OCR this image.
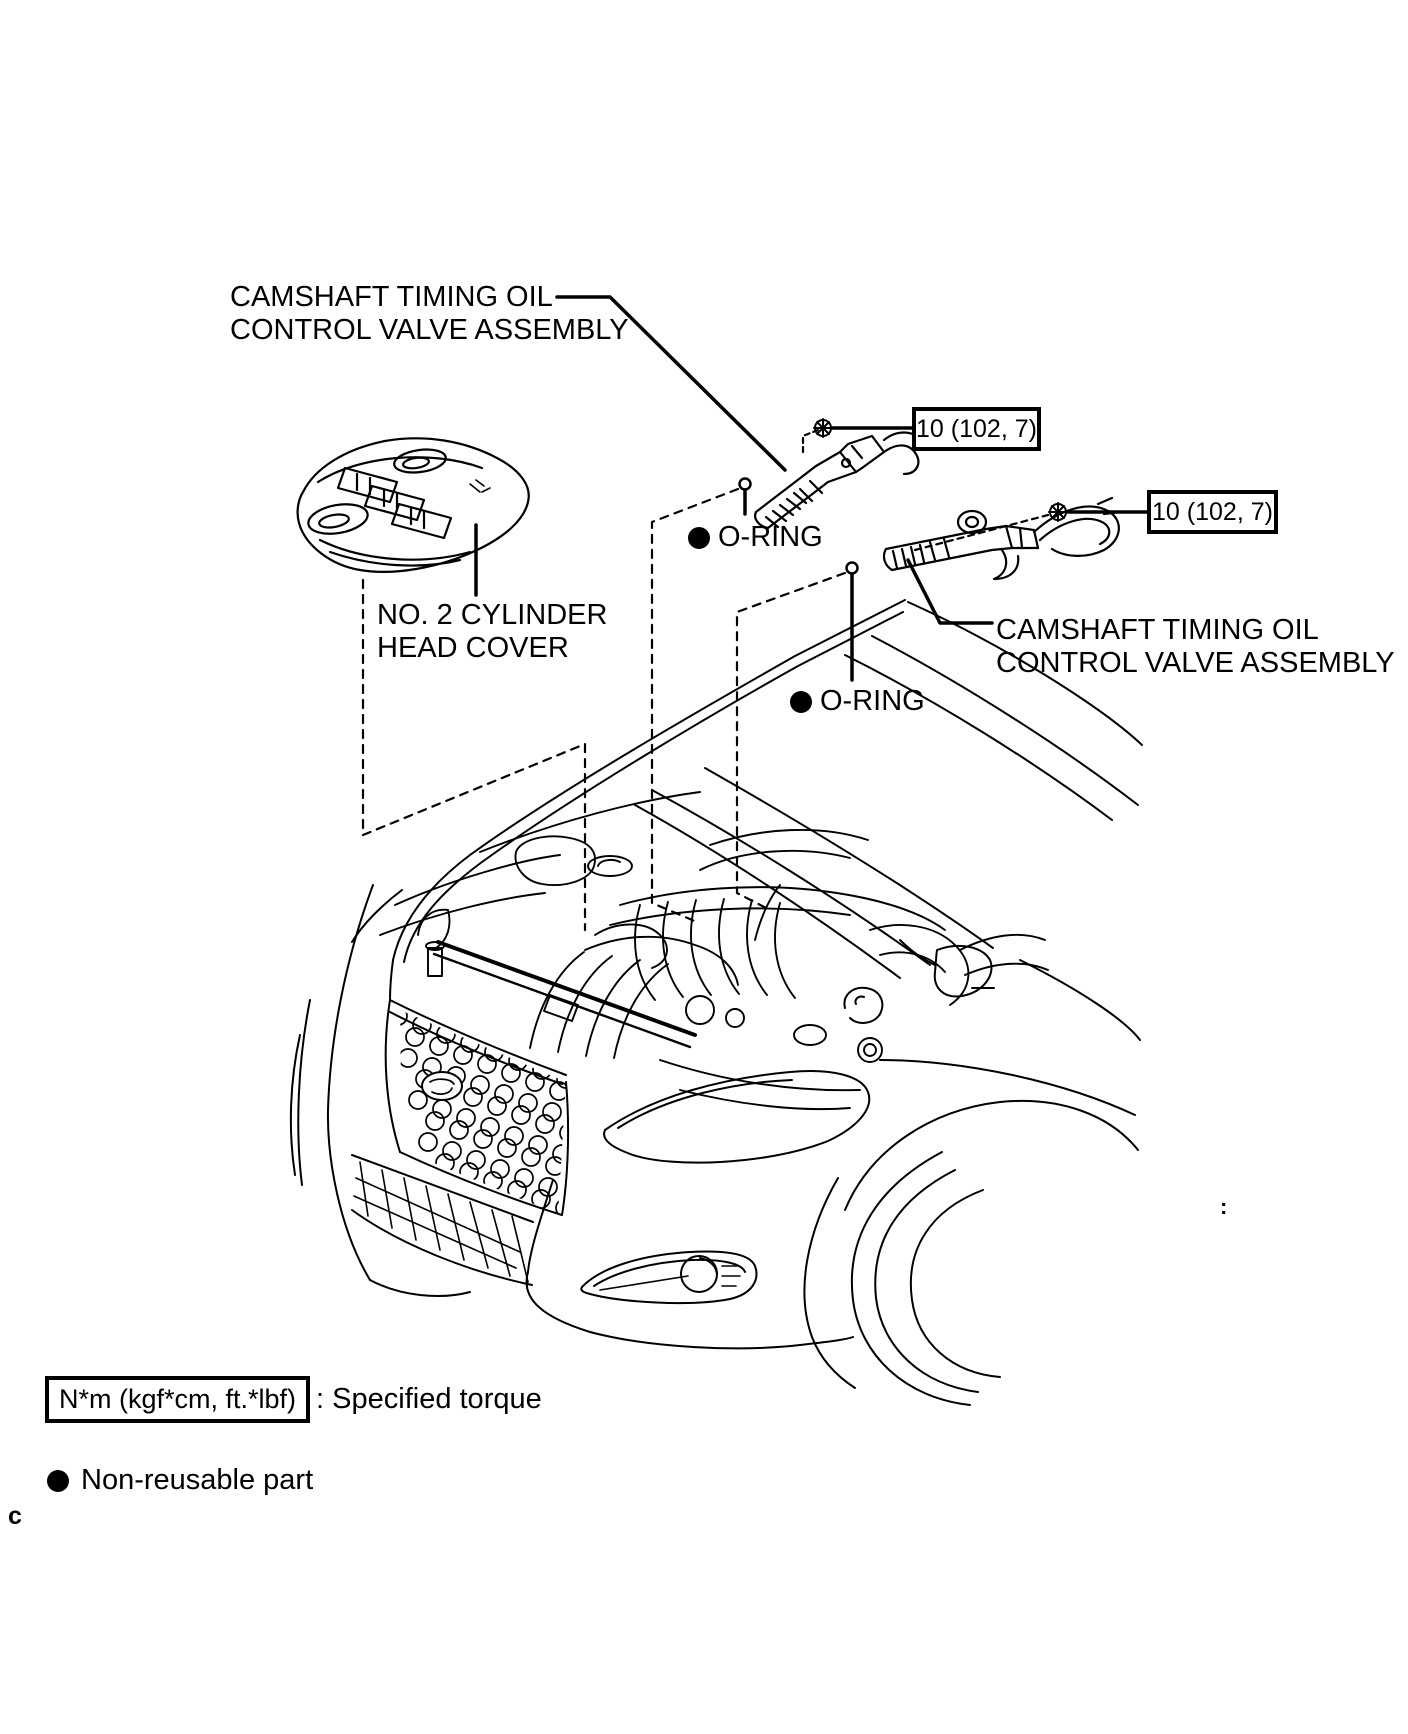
CAMSHAFT TIMING OIL
CONTROL VALVE ASSEMBLY
CAMSHAFT TIMING OIL
CONTROL VALVE ASSEMBLY
NO. 2 CYLINDER
HEAD COVER
10 (102, 7)
10 (102, 7)
O-RING
O-RING
N*m (kgf*cm, ft.*lbf) : Specified torque
Non-reusable part
c
:
